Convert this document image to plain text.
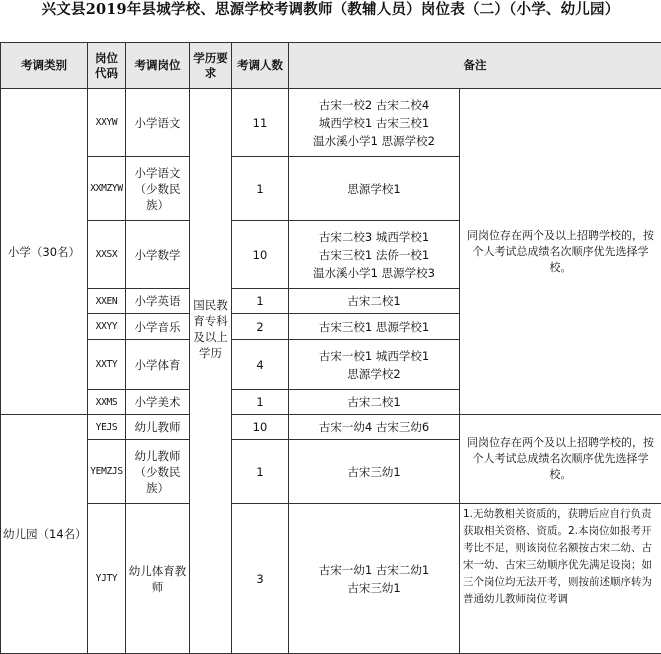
兴文县2019年县城学校、思源学校考调教师（教辅人员）岗位表（二）（小学、幼儿园）
考调类别	岗位代码	考调岗位	学历要求	考调人数	备注	
小学（30名）	XXYW	小学语文	国民教育专科及以上学历	11	古宋一校2 古宋二校4
城西学校1 古宋三校1
温水溪小学1 思源学校2	同岗位存在两个及以上招聘学校的，按个人考试总成绩名次顺序优先选择学校。
	XXMZYW	小学语文（少数民族）		1	思源学校1	

	XXSX	小学数学		10	古宋二校3 城西学校1
古宋三校1 法侨一校1
温水溪小学1 思源学校3	

	XXEN	小学英语		1	古宋二校1	

	XXYY	小学音乐		2	古宋三校1 思源学校1	

	XXTY	小学体育		4	古宋一校1 城西学校1
思源学校2	

	XXMS	小学美术		1	古宋二校1	

幼儿园（14名）	YEJS	幼儿教师		10	古宋一幼4 古宋三幼6	同岗位存在两个及以上招聘学校的，按个人考试总成绩名次顺序优先选择学校。
	YEMZJS	幼儿教师（少数民族）		1	古宋三幼1	

	YJTY	幼儿体育教师		3	古宋一幼1 古宋二幼1
古宋三幼1	1.无幼教相关资质的，获聘后应自行负责获取相关资格、资质。2.本岗位如报考开考比不足，则该岗位名额按古宋二幼、古宋一幼、古宋三幼顺序优先满足设岗；如三个岗位均无法开考，则按前述顺序转为普通幼儿教师岗位考调
